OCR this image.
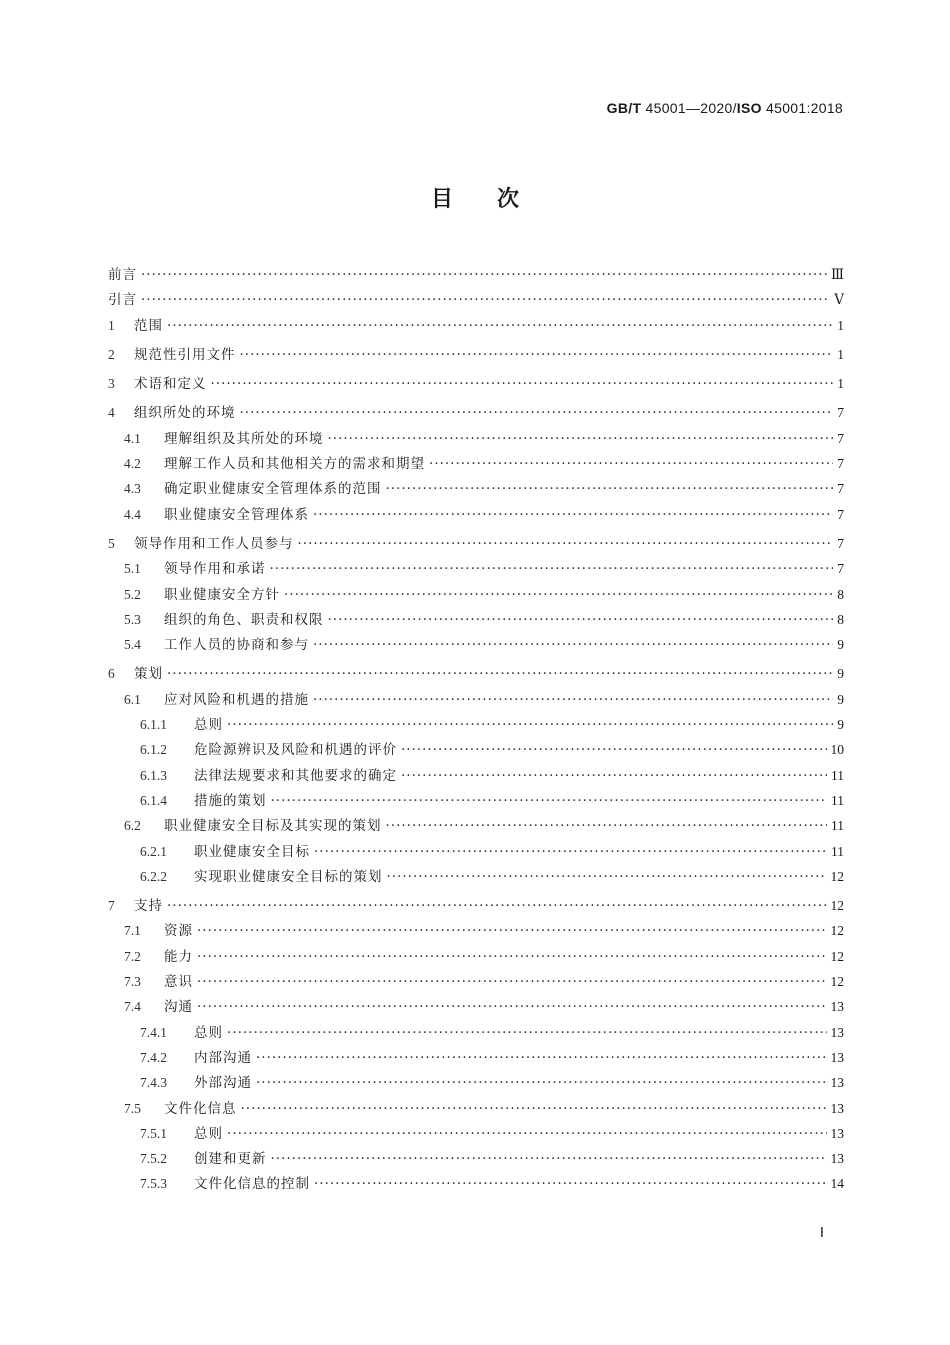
GB/T 45001—2020/ISO 45001:2018
目次
前言 ·····	Ⅲ
引言 ·····	Ⅴ
1	范围 ·····	1
2	规范性引用文件 ·····	1
3	术语和定义 ·····	1
4	组织所处的环境 ·····	7
4.1	理解组织及其所处的环境 ·····	7
4.2	理解工作人员和其他相关方的需求和期望 ·····	7
4.3	确定职业健康安全管理体系的范围 ·····	7
4.4	职业健康安全管理体系 ·····	7
5	领导作用和工作人员参与 ·····	7
5.1	领导作用和承诺 ·····	7
5.2	职业健康安全方针 ·····	8
5.3	组织的角色、职责和权限 ·····	8
5.4	工作人员的协商和参与 ·····	9
6	策划 ·····	9
6.1	应对风险和机遇的措施 ·····	9
6.1.1	总则 ·····	9
6.1.2	危险源辨识及风险和机遇的评价 ·····	10
6.1.3	法律法规要求和其他要求的确定 ·····	11
6.1.4	措施的策划 ·····	11
6.2	职业健康安全目标及其实现的策划 ·····	11
6.2.1	职业健康安全目标 ·····	11
6.2.2	实现职业健康安全目标的策划 ·····	12
7	支持 ·····	12
7.1	资源 ·····	12
7.2	能力 ·····	12
7.3	意识 ·····	12
7.4	沟通 ·····	13
7.4.1	总则 ·····	13
7.4.2	内部沟通 ·····	13
7.4.3	外部沟通 ·····	13
7.5	文件化信息 ·····	13
7.5.1	总则 ·····	13
7.5.2	创建和更新 ·····	13
7.5.3	文件化信息的控制 ·····	14
Ⅰ
